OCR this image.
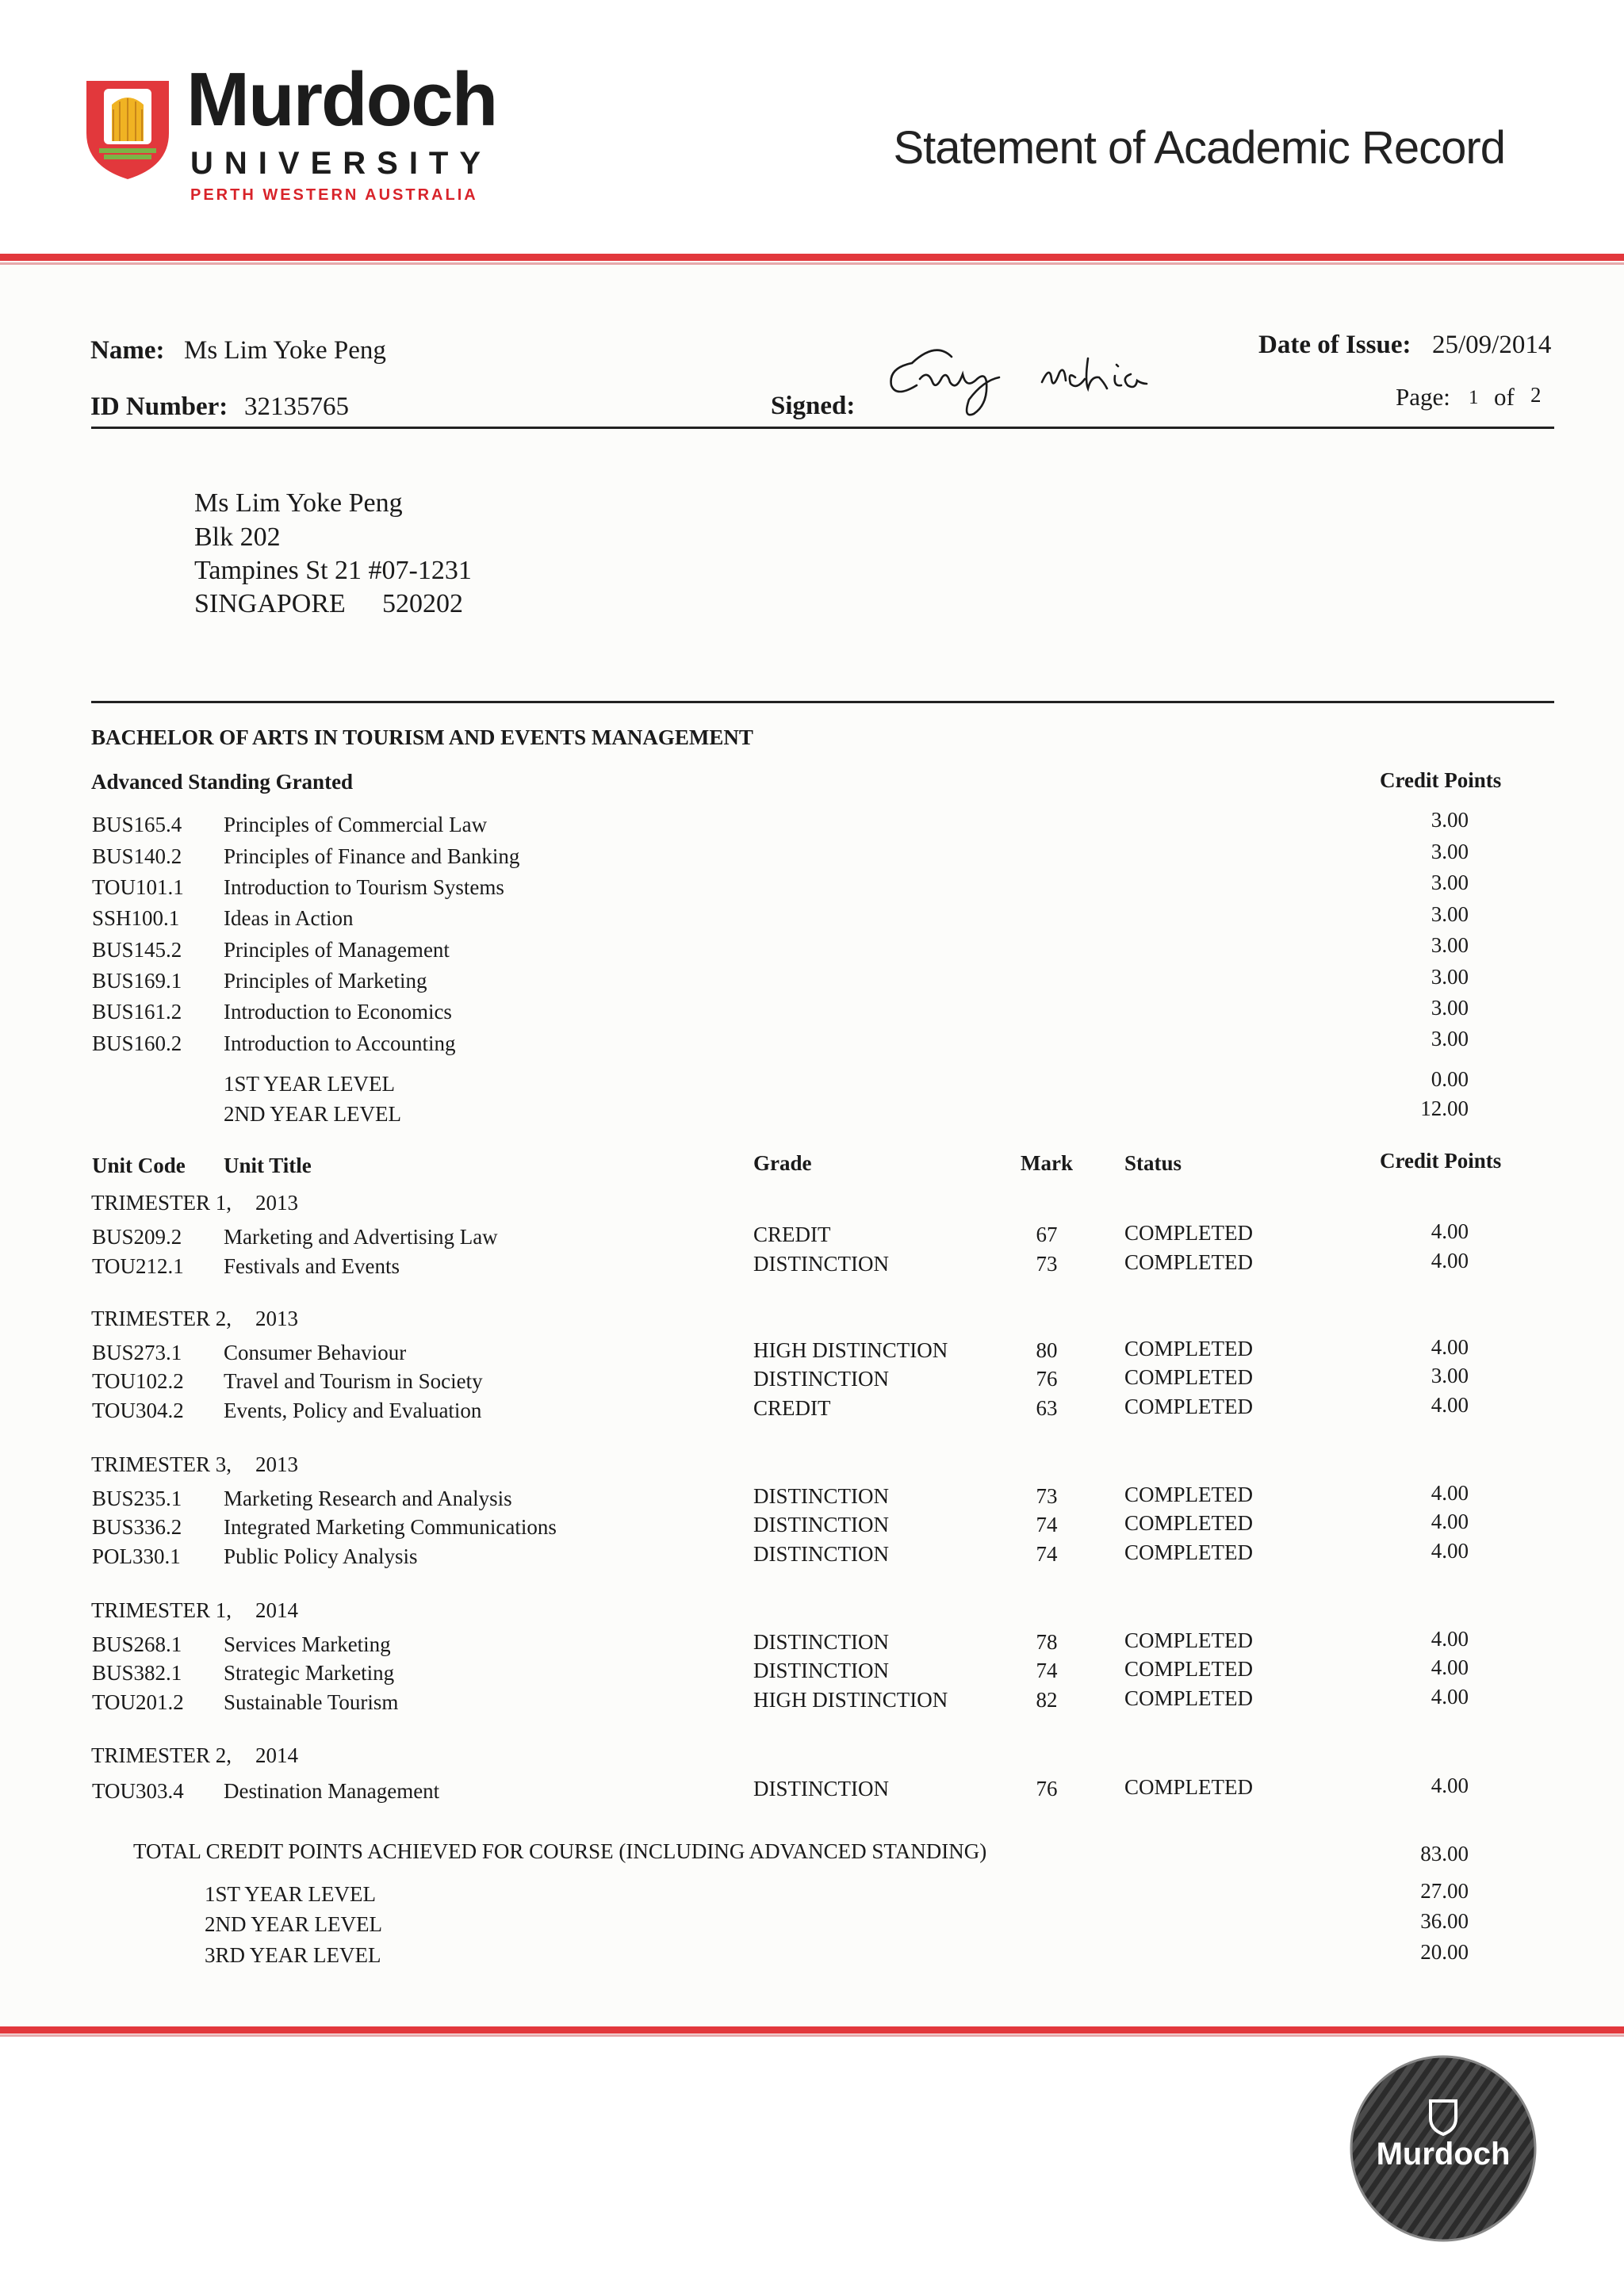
Murdoch
UNIVERSITY
PERTH WESTERN AUSTRALIA
Statement of Academic Record
Name: Ms Lim Yoke Peng
ID Number: 32135765	Signed:
Date of Issue: 25/09/2014
Page: 1 of 2
Ms Lim Yoke Peng
Blk 202
Tampines St 21 #07-1231
SINGAPORE 520202
BACHELOR OF ARTS IN TOURISM AND EVENTS MANAGEMENT
Advanced Standing Granted	Credit Points
BUS165.4 Principles of Commercial Law	3.00
BUS140.2 Principles of Finance and Banking	3.00
TOU101.1 Introduction to Tourism Systems	3.00
SSH100.1 Ideas in Action	3.00
BUS145.2 Principles of Management	3.00
BUS169.1 Principles of Marketing	3.00
BUS161.2 Introduction to Economics	3.00
BUS160.2 Introduction to Accounting	3.00
1ST YEAR LEVEL	0.00
2ND YEAR LEVEL	12.00
Unit Code Unit Title	Grade	Mark	Status	Credit Points
TRIMESTER 1, 2013
BUS209.2 Marketing and Advertising Law	CREDIT	67	COMPLETED	4.00
TOU212.1 Festivals and Events	DISTINCTION	73	COMPLETED	4.00
TRIMESTER 2, 2013
BUS273.1 Consumer Behaviour	HIGH DISTINCTION	80	COMPLETED	4.00
TOU102.2 Travel and Tourism in Society	DISTINCTION	76	COMPLETED	3.00
TOU304.2 Events, Policy and Evaluation	CREDIT	63	COMPLETED	4.00
TRIMESTER 3, 2013
BUS235.1 Marketing Research and Analysis	DISTINCTION	73	COMPLETED	4.00
BUS336.2 Integrated Marketing Communications	DISTINCTION	74	COMPLETED	4.00
POL330.1 Public Policy Analysis	DISTINCTION	74	COMPLETED	4.00
TRIMESTER 1, 2014
BUS268.1 Services Marketing	DISTINCTION	78	COMPLETED	4.00
BUS382.1 Strategic Marketing	DISTINCTION	74	COMPLETED	4.00
TOU201.2 Sustainable Tourism	HIGH DISTINCTION	82	COMPLETED	4.00
TRIMESTER 2, 2014
TOU303.4 Destination Management	DISTINCTION	76	COMPLETED	4.00
TOTAL CREDIT POINTS ACHIEVED FOR COURSE (INCLUDING ADVANCED STANDING)	83.00
1ST YEAR LEVEL	27.00
2ND YEAR LEVEL	36.00
3RD YEAR LEVEL	20.00
Murdoch
